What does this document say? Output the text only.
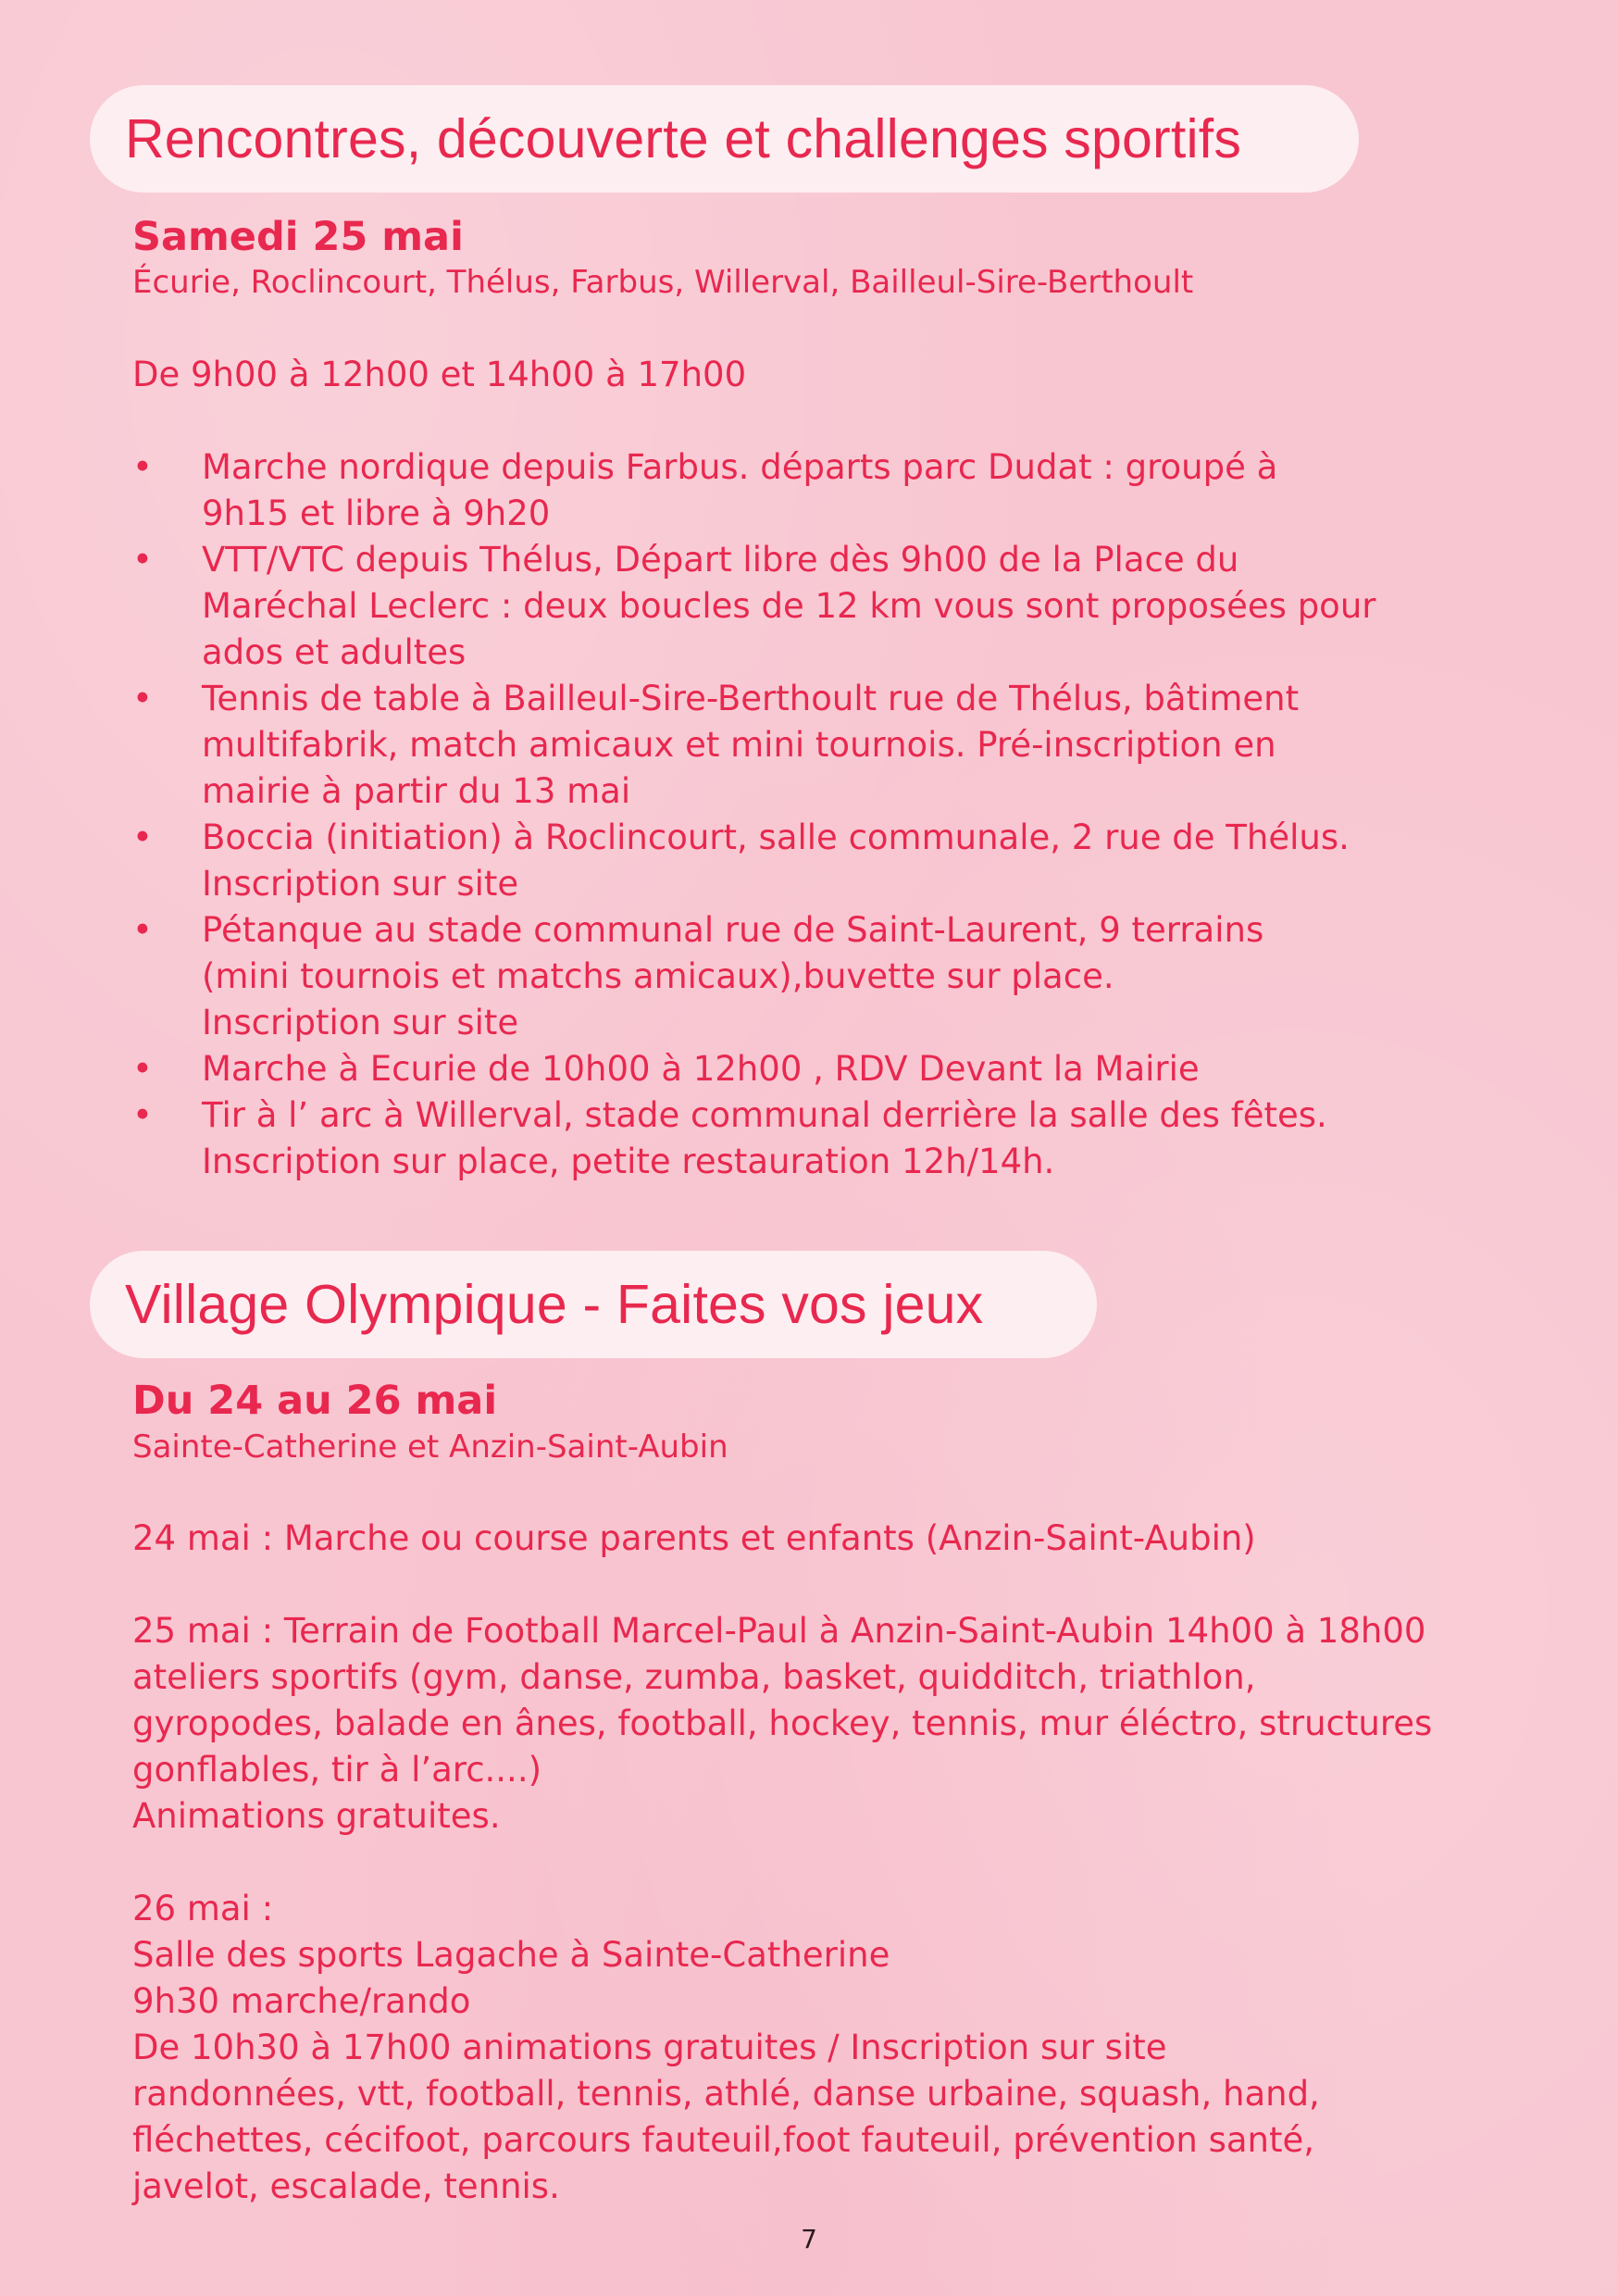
Rencontres, découverte et challenges sportifs
Samedi 25 mai
Écurie, Roclincourt, Thélus, Farbus, Willerval, Bailleul-Sire-Berthoult
De 9h00 à 12h00 et 14h00 à 17h00
• Marche nordique depuis Farbus. départs parc Dudat : groupé à
9h15 et libre à 9h20
• VTT/VTC depuis Thélus, Départ libre dès 9h00 de la Place du
Maréchal Leclerc : deux boucles de 12 km vous sont proposées pour
ados et adultes
• Tennis de table à Bailleul-Sire-Berthoult rue de Thélus, bâtiment
multifabrik, match amicaux et mini tournois. Pré-inscription en
mairie à partir du 13 mai
• Boccia (initiation) à Roclincourt, salle communale, 2 rue de Thélus.
Inscription sur site
• Pétanque au stade communal rue de Saint-Laurent, 9 terrains
(mini tournois et matchs amicaux),buvette sur place.
Inscription sur site
• Marche à Ecurie de 10h00 à 12h00 , RDV Devant la Mairie
• Tir à l’ arc à Willerval, stade communal derrière la salle des fêtes.
Inscription sur place, petite restauration 12h/14h.
Village Olympique - Faites vos jeux
Du 24 au 26 mai
Sainte-Catherine et Anzin-Saint-Aubin
24 mai : Marche ou course parents et enfants (Anzin-Saint-Aubin)
25 mai : Terrain de Football Marcel-Paul à Anzin-Saint-Aubin 14h00 à 18h00
ateliers sportifs (gym, danse, zumba, basket, quidditch, triathlon,
gyropodes, balade en ânes, football, hockey, tennis, mur éléctro, structures
gonflables, tir à l’arc....)
Animations gratuites.
26 mai :
Salle des sports Lagache à Sainte-Catherine
9h30 marche/rando
De 10h30 à 17h00 animations gratuites / Inscription sur site
randonnées, vtt, football, tennis, athlé, danse urbaine, squash, hand,
fléchettes, cécifoot, parcours fauteuil,foot fauteuil, prévention santé,
javelot, escalade, tennis.
7
